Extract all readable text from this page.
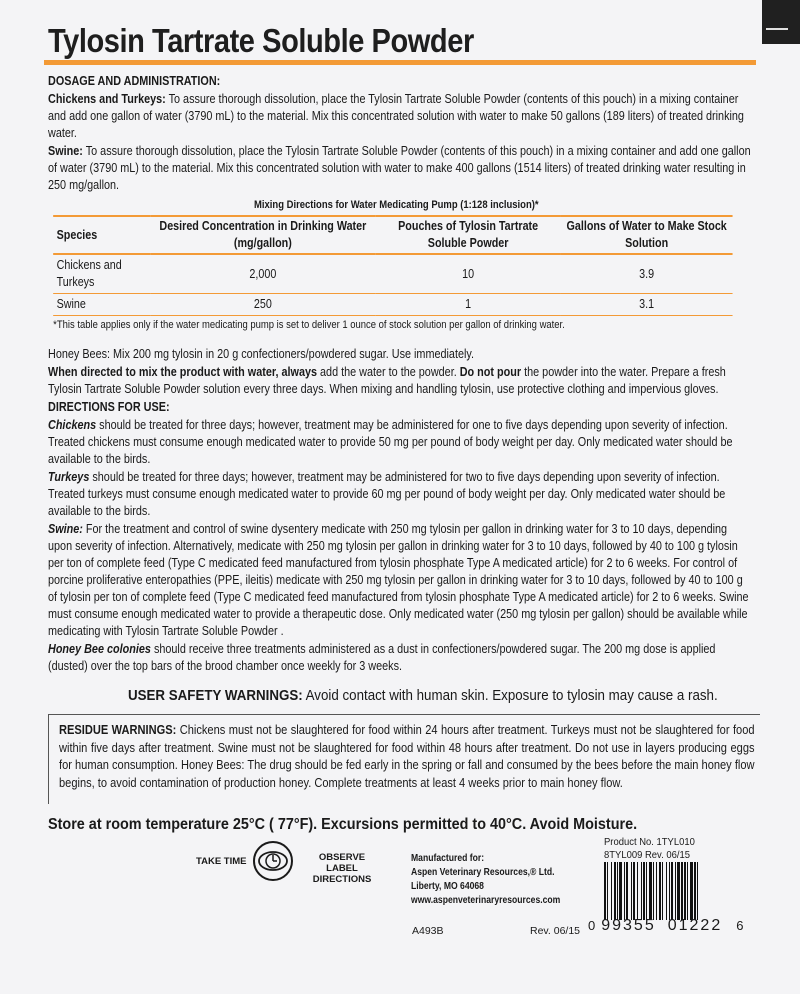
Tylosin Tartrate Soluble Powder

DOSAGE AND ADMINISTRATION:

Chickens and Turkeys: To assure thorough dissolution, place the Tylosin Tartrate Soluble Powder (contents of this pouch) in a mixing container and add one gallon of water (3790 mL) to the material. Mix this concentrated solution with water to make 50 gallons (189 liters) of treated drinking water.

Swine: To assure thorough dissolution, place the Tylosin Tartrate Soluble Powder (contents of this pouch) in a mixing container and add one gallon of water (3790 mL) to the material. Mix this concentrated solution with water to make 400 gallons (1514 liters) of treated drinking water resulting in 250 mg/gallon.

Mixing Directions for Water Medicating Pump (1:128 inclusion)*
Species	Desired Concentration in Drinking Water (mg/gallon)	Pouches of Tylosin Tartrate Soluble Powder	Gallons of Water to Make Stock Solution
Chickens and Turkeys	2,000	10	3.9
Swine	250	1	3.1
*This table applies only if the water medicating pump is set to deliver 1 ounce of stock solution per gallon of drinking water.

Honey Bees: Mix 200 mg tylosin in 20 g confectioners/powdered sugar. Use immediately.

When directed to mix the product with water, always add the water to the powder. Do not pour the powder into the water. Prepare a fresh Tylosin Tartrate Soluble Powder solution every three days. When mixing and handling tylosin, use protective clothing and impervious gloves.

DIRECTIONS FOR USE:

Chickens should be treated for three days; however, treatment may be administered for one to five days depending upon severity of infection. Treated chickens must consume enough medicated water to provide 50 mg per pound of body weight per day. Only medicated water should be available to the birds.

Turkeys should be treated for three days; however, treatment may be administered for two to five days depending upon severity of infection. Treated turkeys must consume enough medicated water to provide 60 mg per pound of body weight per day. Only medicated water should be available to the birds.

Swine: For the treatment and control of swine dysentery medicate with 250 mg tylosin per gallon in drinking water for 3 to 10 days, depending upon severity of infection. Alternatively, medicate with 250 mg tylosin per gallon in drinking water for 3 to 10 days, followed by 40 to 100 g tylosin per ton of complete feed (Type C medicated feed manufactured from tylosin phosphate Type A medicated article) for 2 to 6 weeks. For control of porcine proliferative enteropathies (PPE, ileitis) medicate with 250 mg tylosin per gallon in drinking water for 3 to 10 days, followed by 40 to 100 g of tylosin per ton of complete feed (Type C medicated feed manufactured from tylosin phosphate Type A medicated article) for 2 to 6 weeks. Swine must consume enough medicated water to provide a therapeutic dose. Only medicated water (250 mg tylosin per gallon) should be available while medicating with Tylosin Tartrate Soluble Powder .

Honey Bee colonies should receive three treatments administered as a dust in confectioners/powdered sugar. The 200 mg dose is applied (dusted) over the top bars of the brood chamber once weekly for 3 weeks.

USER SAFETY WARNINGS: Avoid contact with human skin. Exposure to tylosin may cause a rash.
RESIDUE WARNINGS: Chickens must not be slaughtered for food within 24 hours after treatment. Turkeys must not be slaughtered for food within five days after treatment. Swine must not be slaughtered for food within 48 hours after treatment. Do not use in layers producing eggs for human consumption. Honey Bees: The drug should be fed early in the spring or fall and consumed by the bees before the main honey flow begins, to avoid contamination of production honey. Complete treatments at least 4 weeks prior to main honey flow.
Store at room temperature 25°C ( 77°F). Excursions permitted to 40°C. Avoid Moisture.
TAKE TIME	OBSERVE LABEL
DIRECTIONS
Manufactured for:
Aspen Veterinary Resources,® Ltd.
Liberty, MO 64068
www.aspenveterinaryresources.com
Product No. 1TYL010
8TYL009 Rev. 06/15
A493B	Rev. 06/15 0 99355 01222 6
